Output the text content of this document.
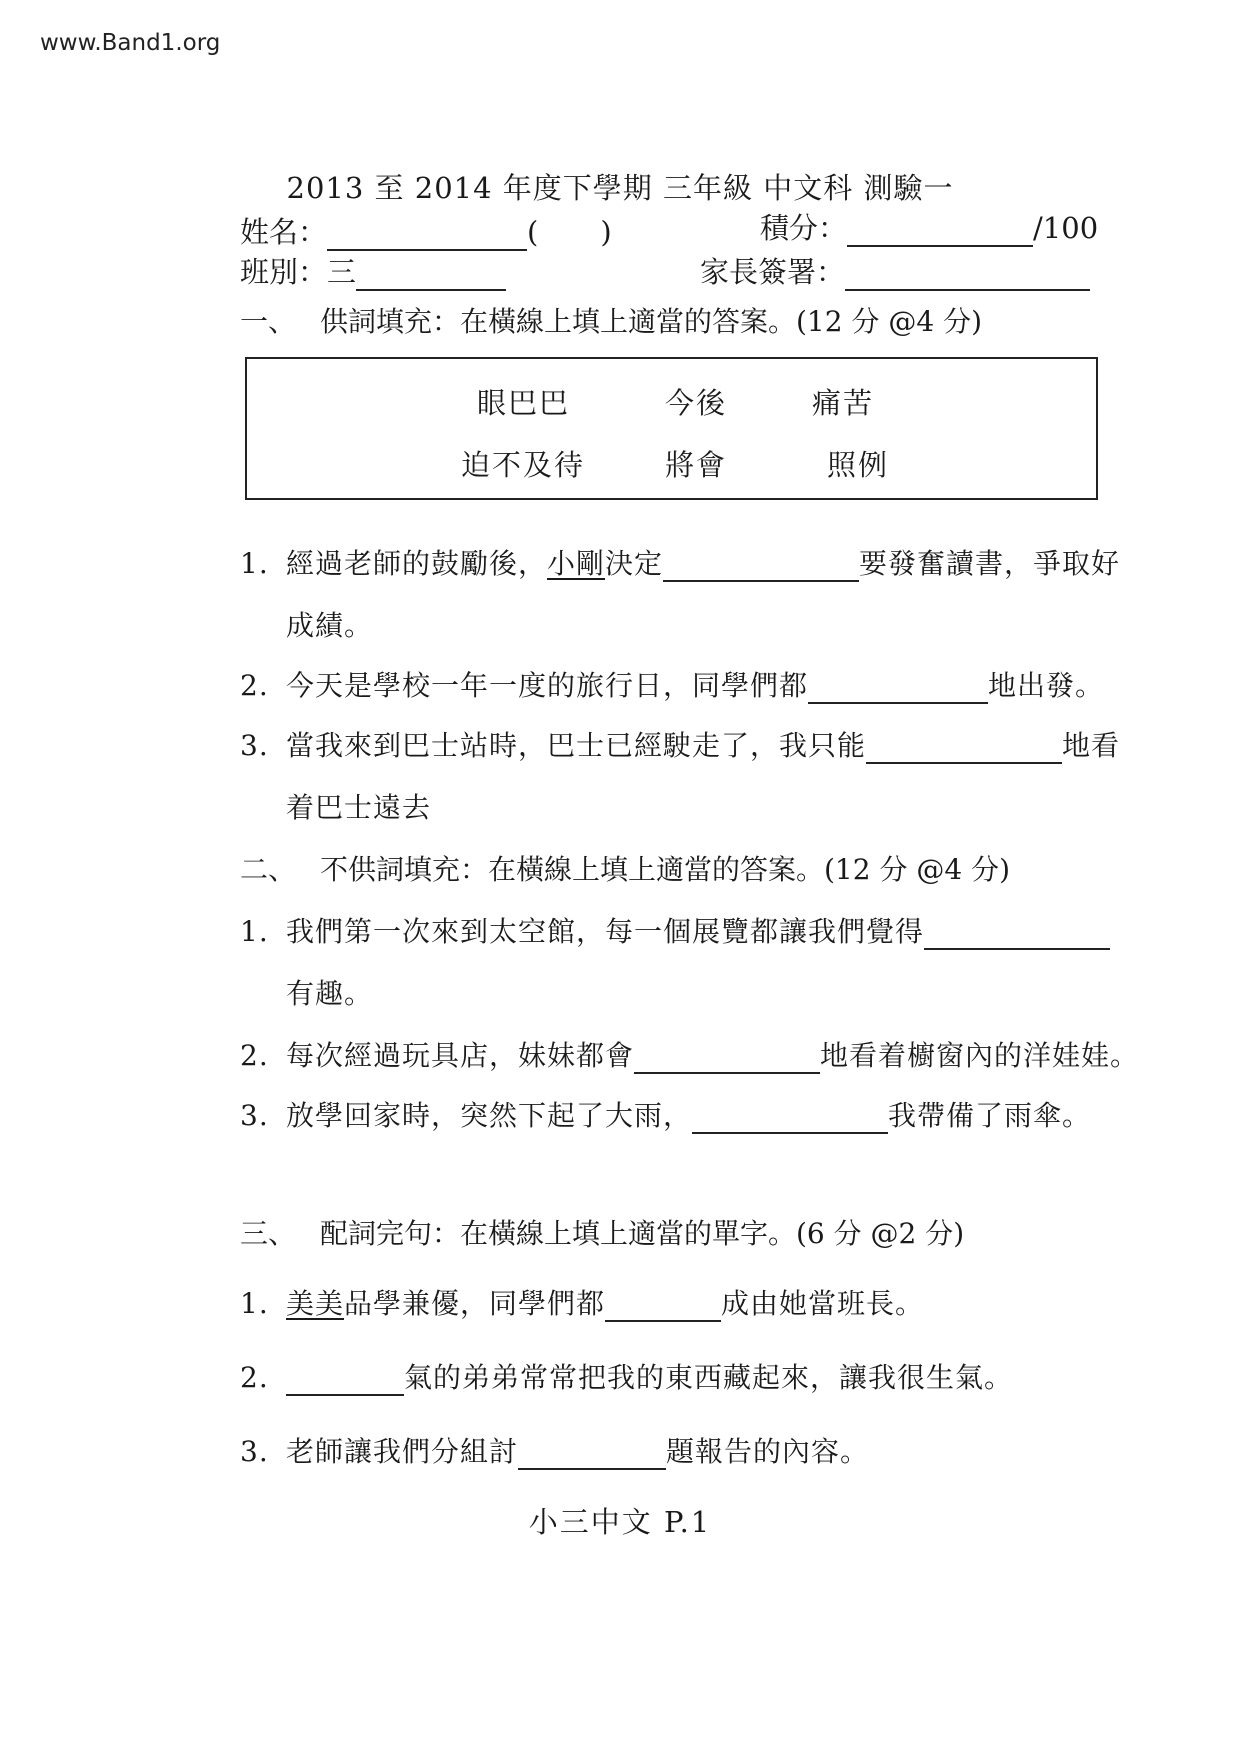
www.Band1.org
2013 至 2014 年度下學期 三年級 中文科 測驗一
姓名：	( )	積分：	/100
班別：三	家長簽署：
一、 供詞填充：在橫線上填上適當的答案。(12 分 @4 分)
眼巴巴	今後	痛苦
迫不及待	將會	照例
1. 經過老師的鼓勵後，小剛決定	要發奮讀書，爭取好
成績。
2. 今天是學校一年一度的旅行日，同學們都	地出發。
3. 當我來到巴士站時，巴士已經駛走了，我只能	地看
着巴士遠去
二、 不供詞填充：在橫線上填上適當的答案。(12 分 @4 分)
1. 我們第一次來到太空館，每一個展覽都讓我們覺得
有趣。
2. 每次經過玩具店，妹妹都會	地看着櫥窗內的洋娃娃。
3. 放學回家時，突然下起了大雨，	我帶備了雨傘。
三、 配詞完句：在橫線上填上適當的單字。(6 分 @2 分)
1. 美美品學兼優，同學們都	成由她當班長。
2.	氣的弟弟常常把我的東西藏起來，讓我很生氣。
3. 老師讓我們分組討	題報告的內容。
小三中文 P.1
